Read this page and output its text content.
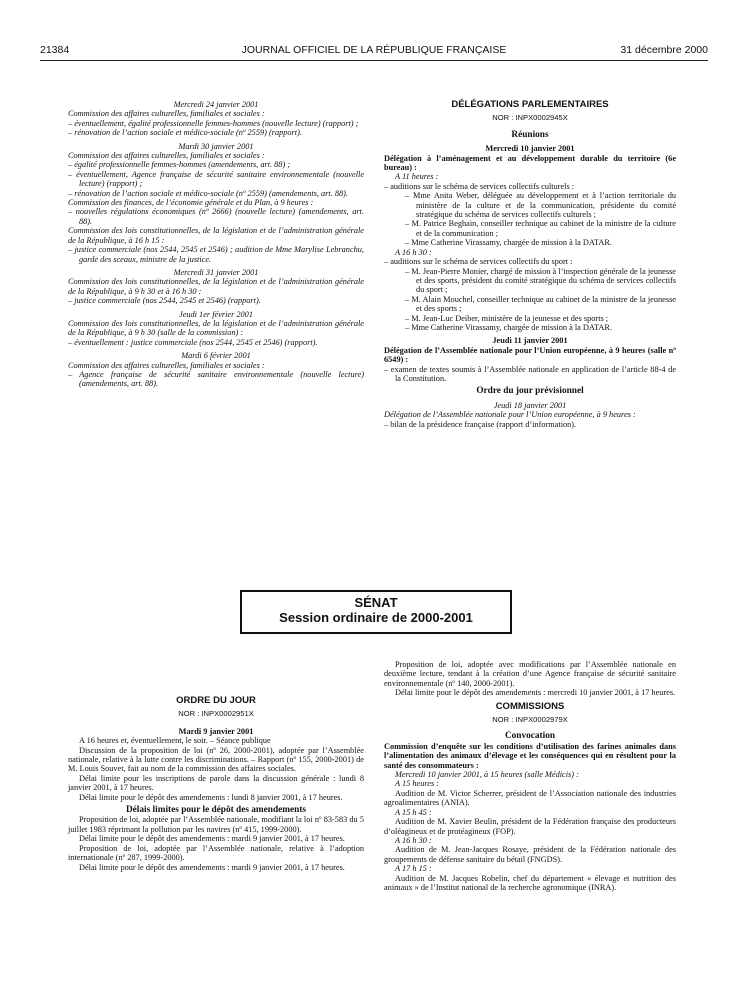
21384	JOURNAL OFFICIEL DE LA RÉPUBLIQUE FRANÇAISE	31 décembre 2000

Mercredi 24 janvier 2001

Commission des affaires culturelles, familiales et sociales :

– éventuellement, égalité professionnelle femmes-hommes (nouvelle lecture) (rapport) ;

– rénovation de l’action sociale et médico-sociale (nº 2559) (rapport).

Mardi 30 janvier 2001

Commission des affaires culturelles, familiales et sociales :

– égalité professionnelle femmes-hommes (amendements, art. 88) ;

– éventuellement, Agence française de sécurité sanitaire environnementale (nouvelle lecture) (rapport) ;

– rénovation de l’action sociale et médico-sociale (nº 2559) (amendements, art. 88).

Commission des finances, de l’économie générale et du Plan, à 9 heures :

– nouvelles régulations économiques (nº 2666) (nouvelle lecture) (amendements, art. 88).

Commission des lois constitutionnelles, de la législation et de l’administration générale de la République, à 16 h 15 :

– justice commerciale (nos 2544, 2545 et 2546) ; audition de Mme Marylise Lebranchu, garde des sceaux, ministre de la justice.

Mercredi 31 janvier 2001

Commission des lois constitutionnelles, de la législation et de l’administration générale de la République, à 9 h 30 et à 16 h 30 :

– justice commerciale (nos 2544, 2545 et 2546) (rapport).

Jeudi 1er février 2001

Commission des lois constitutionnelles, de la législation et de l’administration générale de la République, à 9 h 30 (salle de la commission) :

– éventuellement : justice commerciale (nos 2544, 2545 et 2546) (rapport).

Mardi 6 février 2001

Commission des affaires culturelles, familiales et sociales :

– Agence française de sécurité sanitaire environnementale (nouvelle lecture) (amendements, art. 88).

DÉLÉGATIONS PARLEMENTAIRES

NOR : INPX0002945X

Réunions

Mercredi 10 janvier 2001

Délégation à l’aménagement et au développement durable du territoire (6e bureau) :

A 11 heures :

– auditions sur le schéma de services collectifs culturels :

– Mme Anita Weber, déléguée au développement et à l’action territoriale du ministère de la culture et de la communication, présidente du comité stratégique du schéma de services collectifs culturels ;

– M. Patrice Beghain, conseiller technique au cabinet de la ministre de la culture et de la communication ;

– Mme Catherine Virassamy, chargée de mission à la DATAR.

A 16 h 30 :

– auditions sur le schéma de services collectifs du sport :

– M. Jean-Pierre Monier, chargé de mission à l’inspection générale de la jeunesse et des sports, président du comité stratégique du schéma de services collectifs du sport ;

– M. Alain Mouchel, conseiller technique au cabinet de la ministre de la jeunesse et des sports ;

– M. Jean-Luc Deiber, ministère de la jeunesse et des sports ;

– Mme Catherine Virassamy, chargée de mission à la DATAR.

Jeudi 11 janvier 2001

Délégation de l’Assemblée nationale pour l’Union européenne, à 9 heures (salle nº 6549) :

– examen de textes soumis à l’Assemblée nationale en application de l’article 88-4 de la Constitution.

Ordre du jour prévisionnel

Jeudi 18 janvier 2001

Délégation de l’Assemblée nationale pour l’Union européenne, à 9 heures :

– bilan de la présidence française (rapport d’information).

SÉNAT
Session ordinaire de 2000-2001

ORDRE DU JOUR

NOR : INPX0002951X

Mardi 9 janvier 2001

A 16 heures et, éventuellement, le soir. – Séance publique

Discussion de la proposition de loi (nº 26, 2000-2001), adoptée par l’Assemblée nationale, relative à la lutte contre les discriminations. – Rapport (nº 155, 2000-2001) de M. Louis Souvet, fait au nom de la commission des affaires sociales.

Délai limite pour les inscriptions de parole dans la discussion générale : lundi 8 janvier 2001, à 17 heures.

Délai limite pour le dépôt des amendements : lundi 8 janvier 2001, à 17 heures.

Délais limites pour le dépôt des amendements

Proposition de loi, adoptée par l’Assemblée nationale, modifiant la loi nº 83-583 du 5 juillet 1983 réprimant la pollution par les navires (nº 415, 1999-2000).

Délai limite pour le dépôt des amendements : mardi 9 janvier 2001, à 17 heures.

Proposition de loi, adoptée par l’Assemblée nationale, relative à l’adoption internationale (nº 287, 1999-2000).

Délai limite pour le dépôt des amendements : mardi 9 janvier 2001, à 17 heures.

Proposition de loi, adoptée avec modifications par l’Assemblée nationale en deuxième lecture, tendant à la création d’une Agence française de sécurité sanitaire environnementale (nº 140, 2000-2001).

Délai limite pour le dépôt des amendements : mercredi 10 janvier 2001, à 17 heures.

COMMISSIONS

NOR : INPX0002979X

Convocation

Commission d’enquête sur les conditions d’utilisation des farines animales dans l’alimentation des animaux d’élevage et les conséquences qui en résultent pour la santé des consommateurs :

Mercredi 10 janvier 2001, à 15 heures (salle Médicis) :

A 15 heures :

Audition de M. Victor Scherrer, président de l’Association nationale des industries agroalimentaires (ANIA).

A 15 h 45 :

Audition de M. Xavier Beulin, président de la Fédération française des producteurs d’oléagineux et de protéagineux (FOP).

A 16 h 30 :

Audition de M. Jean-Jacques Rosaye, président de la Fédération nationale des groupements de défense sanitaire du bétail (FNGDS).

A 17 h 15 :

Audition de M. Jacques Robelin, chef du département « élevage et nutrition des animaux » de l’Institut national de la recherche agronomique (INRA).
